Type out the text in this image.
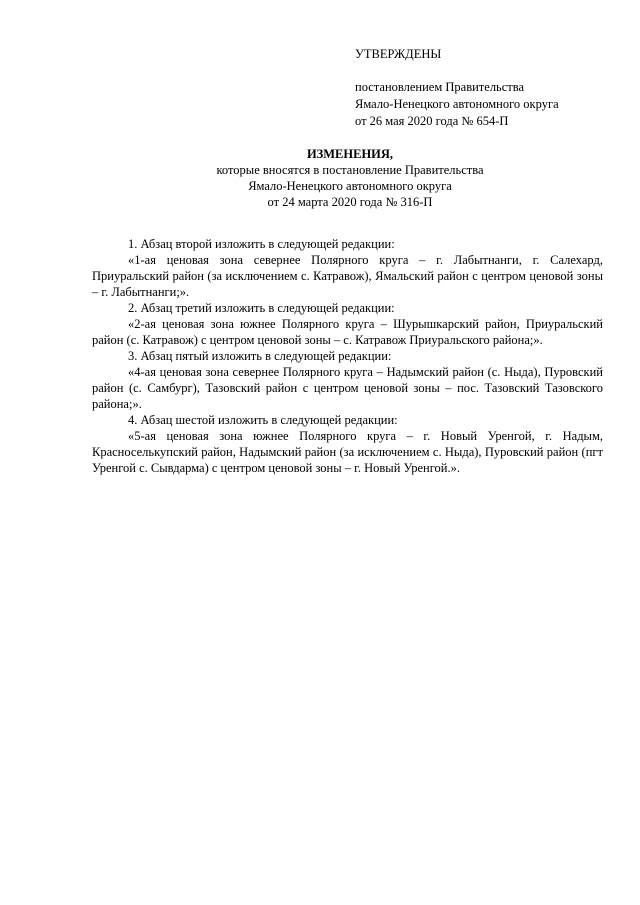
УТВЕРЖДЕНЫ
постановлением Правительства
Ямало-Ненецкого автономного округа
от 26 мая 2020 года № 654-П
ИЗМЕНЕНИЯ,
которые вносятся в постановление Правительства
Ямало-Ненецкого автономного округа
от 24 марта 2020 года № 316-П

1. Абзац второй изложить в следующей редакции:

«1-ая ценовая зона севернее Полярного круга – г. Лабытнанги, г. Салехард, Приуральский район (за исключением с. Катравож), Ямальский район с центром ценовой зоны – г. Лабытнанги;».

2. Абзац третий изложить в следующей редакции:

«2-ая ценовая зона южнее Полярного круга – Шурышкарский район, Приуральский район (с. Катравож) с центром ценовой зоны – с. Катравож Приуральского района;».

3. Абзац пятый изложить в следующей редакции:

«4-ая ценовая зона севернее Полярного круга – Надымский район (с. Ныда), Пуровский район (с. Самбург), Тазовский район с центром ценовой зоны – пос. Тазовский Тазовского района;».

4. Абзац шестой изложить в следующей редакции:

«5-ая ценовая зона южнее Полярного круга – г. Новый Уренгой, г. Надым, Красноселькупский район, Надымский район (за исключением с. Ныда), Пуровский район (пгт Уренгой с. Сывдарма) с центром ценовой зоны – г. Новый Уренгой.».
